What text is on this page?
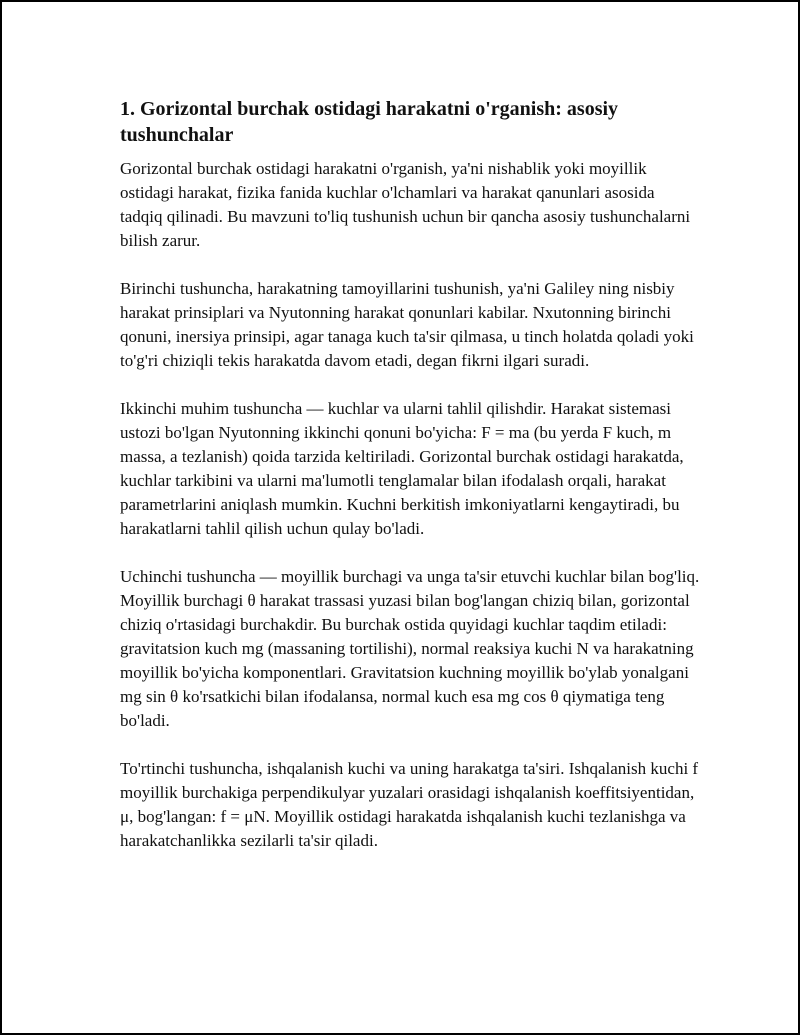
1. Gorizontal burchak ostidagi harakatni o'rganish: asosiy tushunchalar

Gorizontal burchak ostidagi harakatni o'rganish, ya'ni nishablik yoki moyillik ostidagi harakat, fizika fanida kuchlar o'lchamlari va harakat qanunlari asosida tadqiq qilinadi. Bu mavzuni to'liq tushunish uchun bir qancha asosiy tushunchalarni bilish zarur.

Birinchi tushuncha, harakatning tamoyillarini tushunish, ya'ni Galiley ning nisbiy harakat prinsiplari va Nyutonning harakat qonunlari kabilar. Nxutonning birinchi qonuni, inersiya prinsipi, agar tanaga kuch ta'sir qilmasa, u tinch holatda qoladi yoki to'g'ri chiziqli tekis harakatda davom etadi, degan fikrni ilgari suradi.

Ikkinchi muhim tushuncha — kuchlar va ularni tahlil qilishdir. Harakat sistemasi ustozi bo'lgan Nyutonning ikkinchi qonuni bo'yicha: F = ma (bu yerda F kuch, m massa, a tezlanish) qoida tarzida keltiriladi. Gorizontal burchak ostidagi harakatda, kuchlar tarkibini va ularni ma'lumotli tenglamalar bilan ifodalash orqali, harakat parametrlarini aniqlash mumkin. Kuchni berkitish imkoniyatlarni kengaytiradi, bu harakatlarni tahlil qilish uchun qulay bo'ladi.

Uchinchi tushuncha — moyillik burchagi va unga ta'sir etuvchi kuchlar bilan bog'liq. Moyillik burchagi θ harakat trassasi yuzasi bilan bog'langan chiziq bilan, gorizontal chiziq o'rtasidagi burchakdir. Bu burchak ostida quyidagi kuchlar taqdim etiladi: gravitatsion kuch mg (massaning tortilishi), normal reaksiya kuchi N va harakatning moyillik bo'yicha komponentlari. Gravitatsion kuchning moyillik bo'ylab yonalgani mg sin θ ko'rsatkichi bilan ifodalansa, normal kuch esa mg cos θ qiymatiga teng bo'ladi.

To'rtinchi tushuncha, ishqalanish kuchi va uning harakatga ta'siri. Ishqalanish kuchi f moyillik burchakiga perpendikulyar yuzalari orasidagi ishqalanish koeffitsiyentidan, μ, bog'langan: f = μN. Moyillik ostidagi harakatda ishqalanish kuchi tezlanishga va harakatchanlikka sezilarli ta'sir qiladi.
